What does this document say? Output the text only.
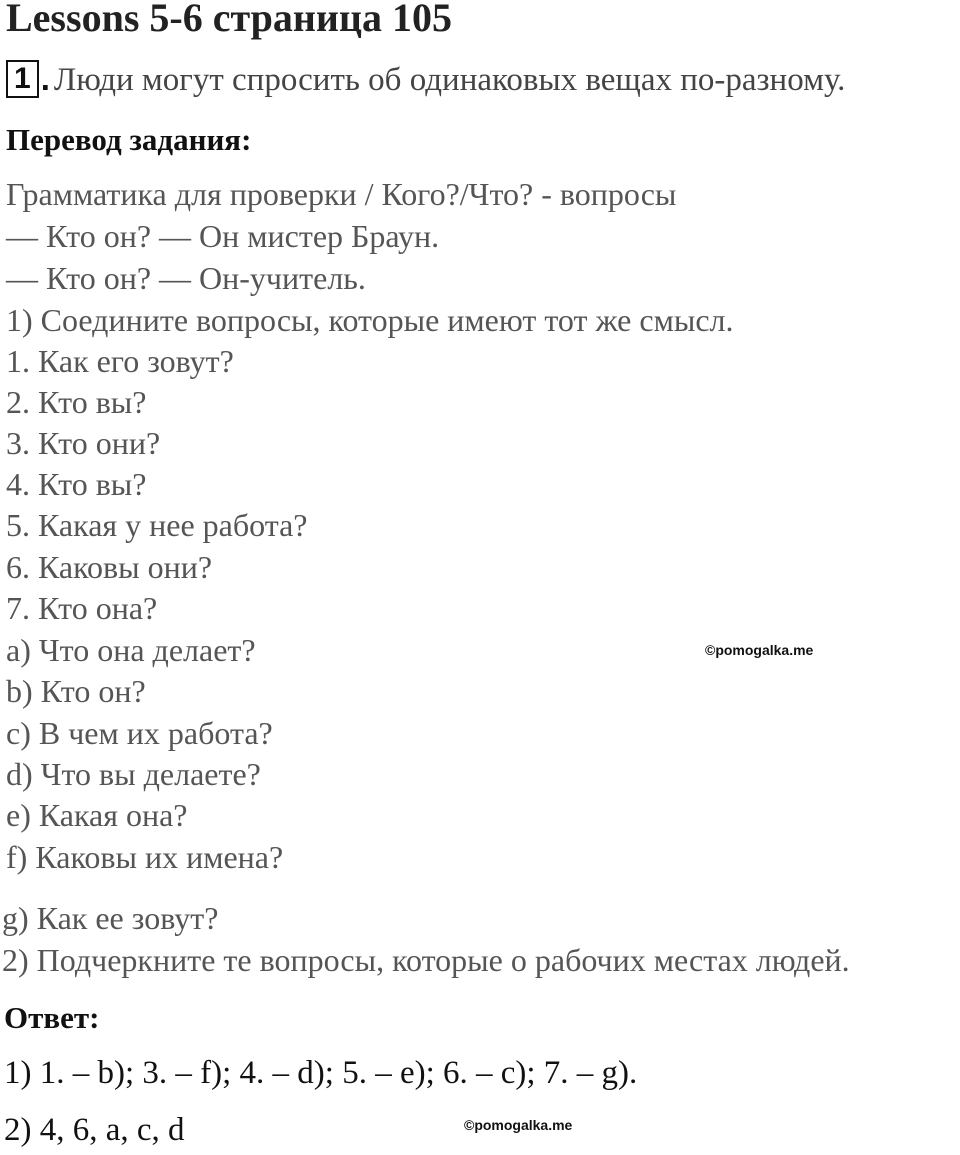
Lessons 5-6 страница 105
1 . Люди могут спросить об одинаковых вещах по-разному.
Перевод задания:
Грамматика для проверки / Кого?/Что? - вопросы
— Кто он? — Он мистер Браун.
— Кто он? — Он-учитель.
1) Соедините вопросы, которые имеют тот же смысл.
1. Как его зовут?
2. Кто вы?
3. Кто они?
4. Кто вы?
5. Какая у нее работа?
6. Каковы они?
7. Кто она?
a) Что она делает?
b) Кто он?
c) В чем их работа?
d) Что вы делаете?
e) Какая она?
f) Каковы их имена?
g) Как ее зовут?
2) Подчеркните те вопросы, которые о рабочих местах людей.
Ответ:
1) 1. – b); 3. – f); 4. – d); 5. – e); 6. – c); 7. – g).
2) 4, 6, a, c, d
©pomogalka.me
©pomogalka.me
